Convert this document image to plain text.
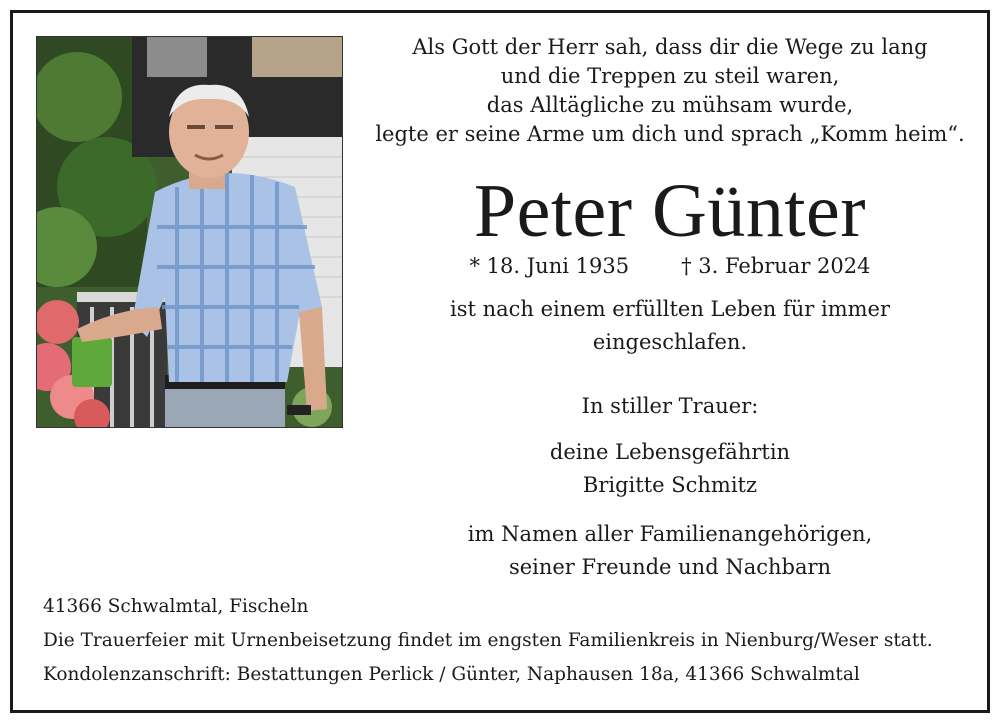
Als Gott der Herr sah, dass dir die Wege zu lang
und die Treppen zu steil waren,
das Alltägliche zu mühsam wurde,
legte er seine Arme um dich und sprach „Komm heim“.
Peter Günter
* 18. Juni 1935 † 3. Februar 2024
ist nach einem erfüllten Leben für immer
eingeschlafen.
In stiller Trauer:
deine Lebensgefährtin
Brigitte Schmitz
im Namen aller Familienangehörigen,
seiner Freunde und Nachbarn
41366 Schwalmtal, Fischeln
Die Trauerfeier mit Urnenbeisetzung findet im engsten Familienkreis in Nienburg/Weser statt.
Kondolenzanschrift: Bestattungen Perlick / Günter, Naphausen 18a, 41366 Schwalmtal
